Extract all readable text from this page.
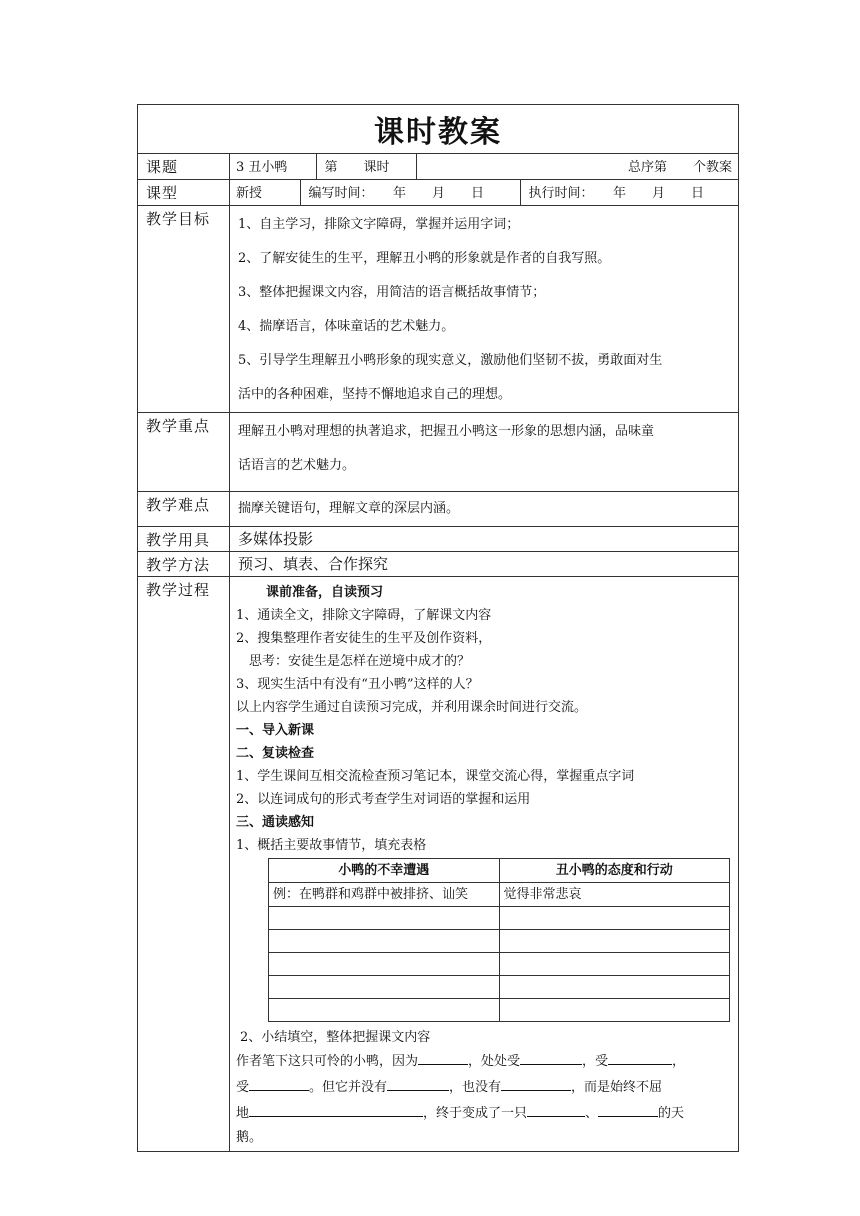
课时教案
课题		3 丑小鸭	第　　课时	总序第　　个教案

课型		新授	编写时间：　　年　　月　　日	执行时间：　　年　　月　　日

教学目标	1、自主学习，排除文字障碍，掌握并运用字词；

2、了解安徒生的生平，理解丑小鸭的形象就是作者的自我写照。

3、整体把握课文内容，用简洁的语言概括故事情节；

4、揣摩语言，体味童话的艺术魅力。

5、引导学生理解丑小鸭形象的现实意义，激励他们坚韧不拔，勇敢面对生

活中的各种困难，坚持不懈地追求自己的理想。

教学重点	理解丑小鸭对理想的执著追求，把握丑小鸭这一形象的思想内涵，品味童

话语言的艺术魅力。

教学难点	揣摩关键语句，理解文章的深层内涵。

教学用具	多媒体投影
教学方法	预习、填表、合作探究
教学过程	课前准备，自读预习
1、通读全文，排除文字障碍，了解课文内容
2、搜集整理作者安徒生的生平及创作资料，
　思考：安徒生是怎样在逆境中成才的？
3、现实生活中有没有“丑小鸭”这样的人？
以上内容学生通过自读预习完成，并利用课余时间进行交流。
一、导入新课
二、复读检查
1、学生课间互相交流检查预习笔记本，课堂交流心得，掌握重点字词
2、以连词成句的形式考查学生对词语的掌握和运用
三、通读感知
1、概括主要故事情节，填充表格
小鸭的不幸遭遇	丑小鸭的态度和行动
例：在鸭群和鸡群中被排挤、讪笑	觉得非常悲哀

2、小结填空，整体把握课文内容
作者笔下这只可怜的小鸭，因为	，处处受	，受	，
受	。但它并没有	，也没有	，而是始终不屈
地	，终于变成了一只	、	的天
鹅。
